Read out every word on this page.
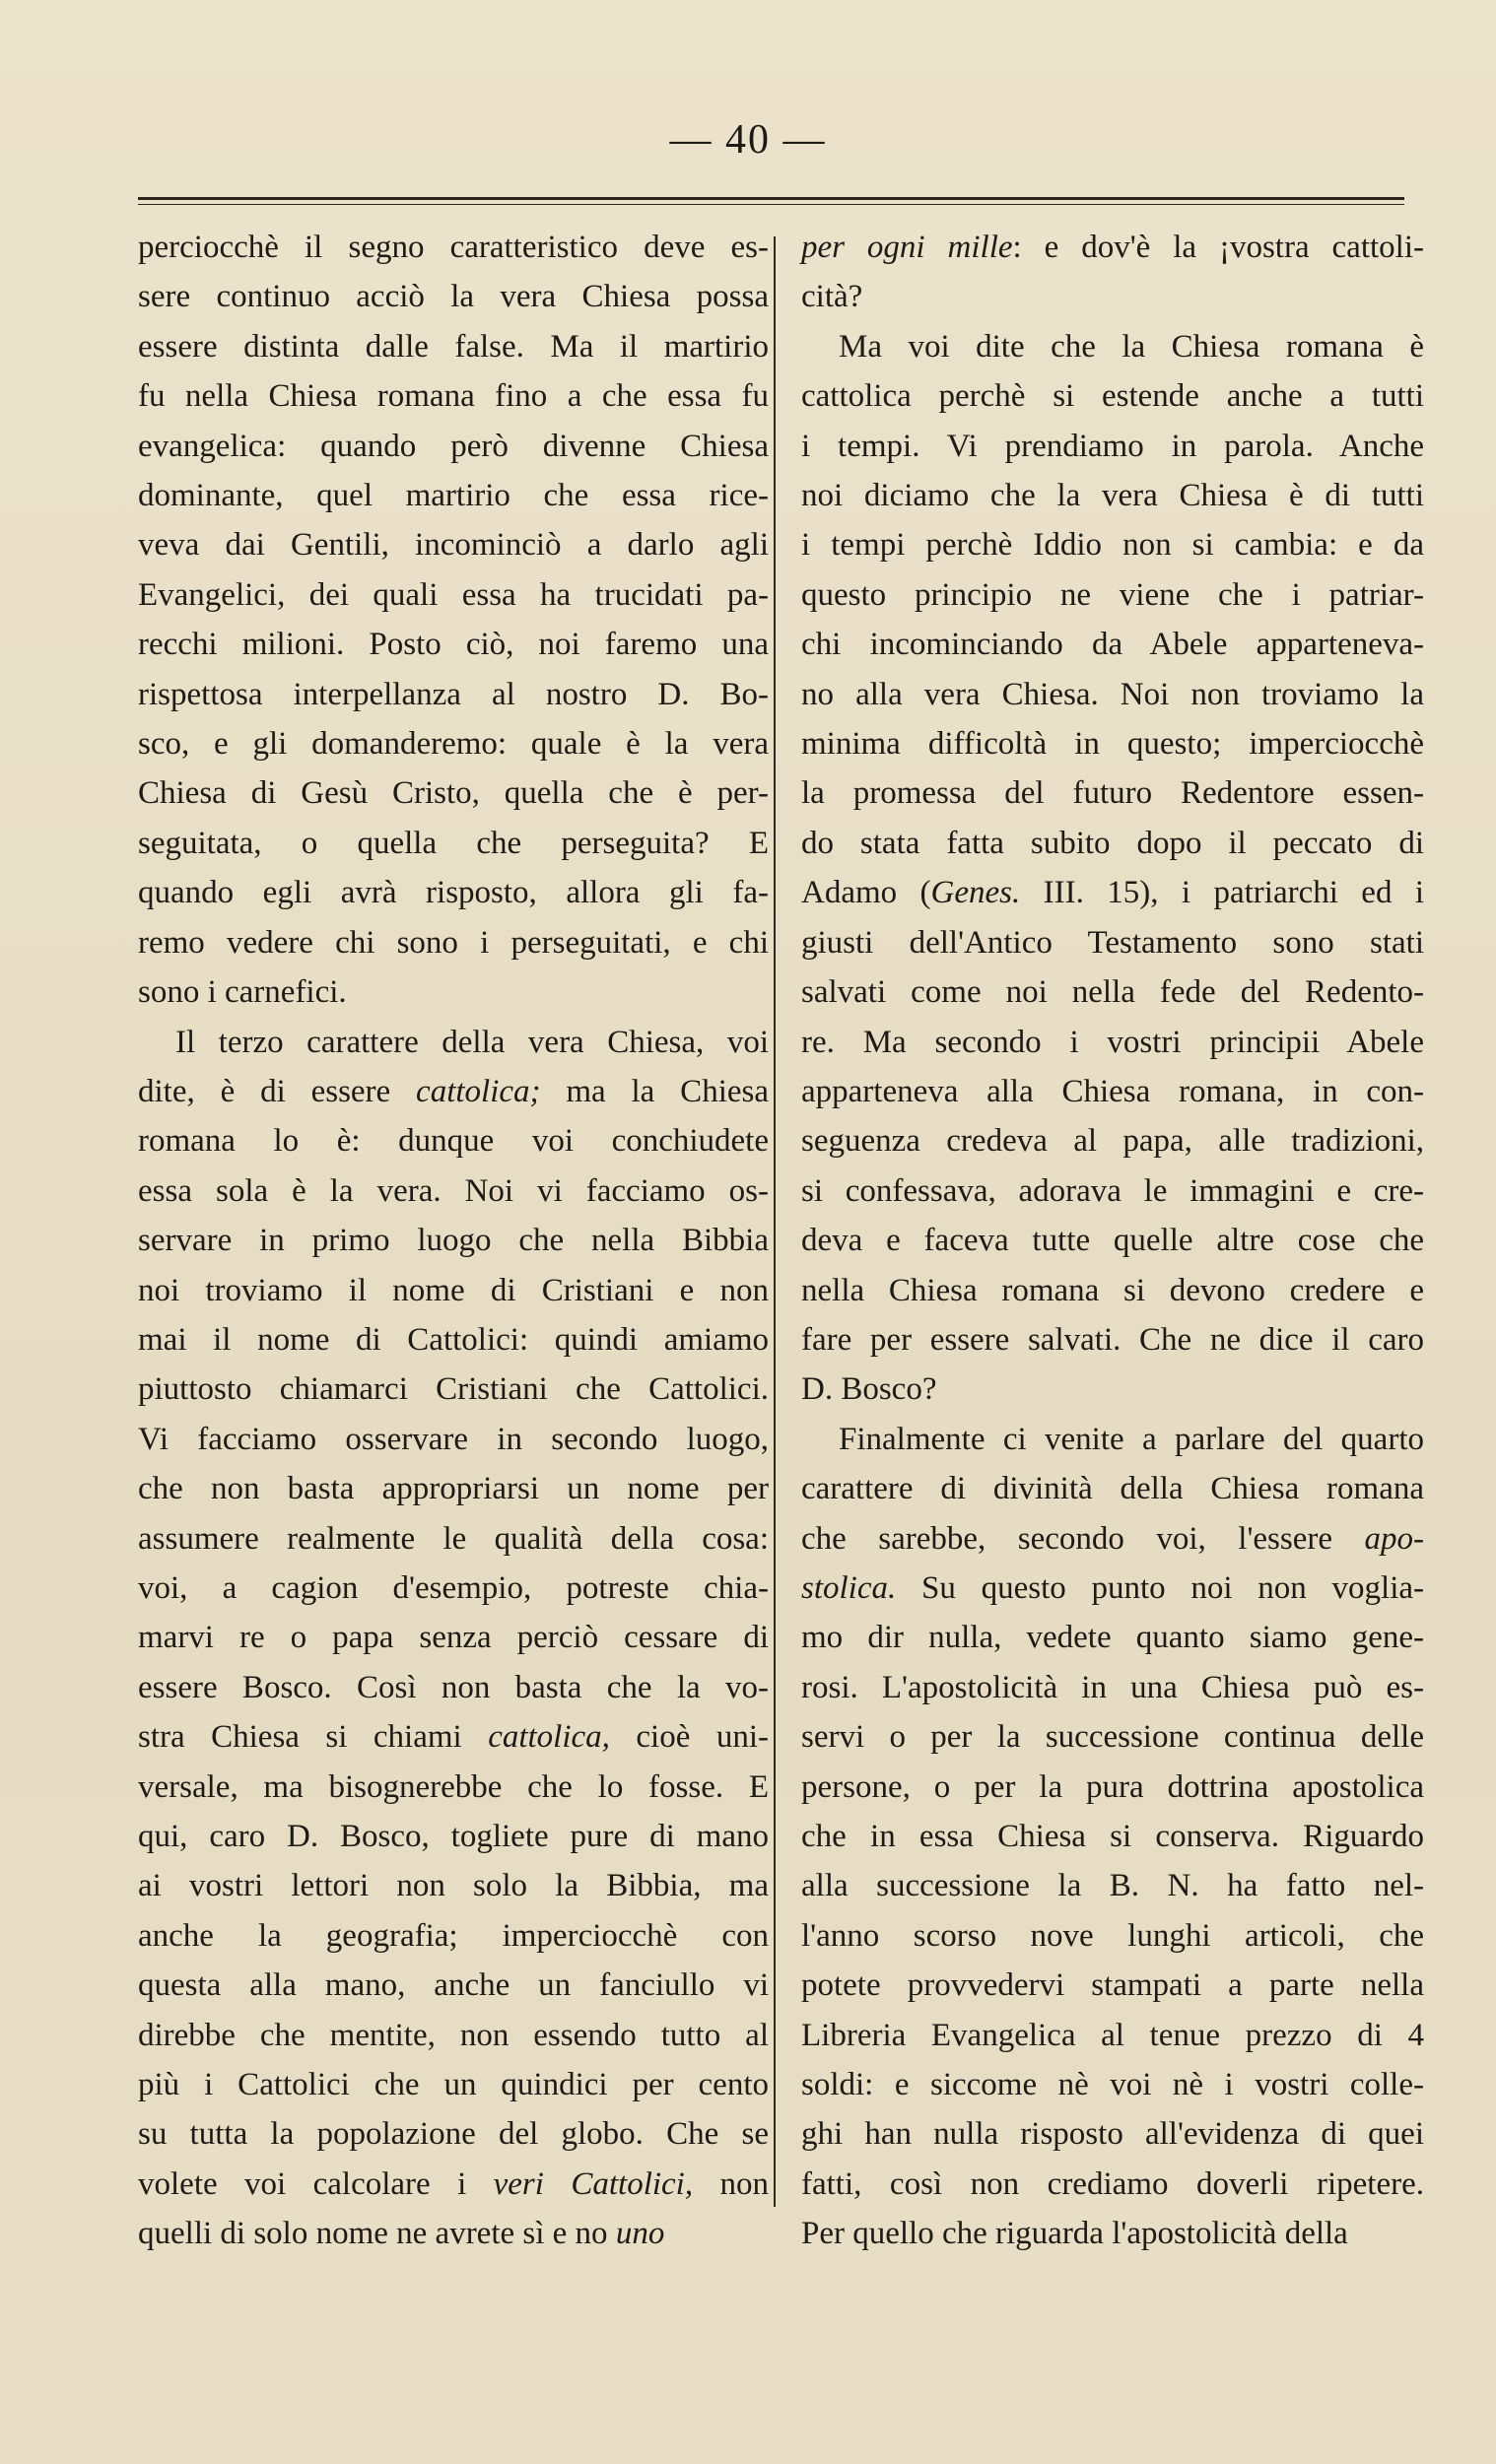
— 40 —
perciocchè il segno caratteristico deve es-
sere continuo acciò la vera Chiesa possa
essere distinta dalle false. Ma il martirio
fu nella Chiesa romana fino a che essa fu
evangelica: quando però divenne Chiesa
dominante, quel martirio che essa rice-
veva dai Gentili, incominciò a darlo agli
Evangelici, dei quali essa ha trucidati pa-
recchi milioni. Posto ciò, noi faremo una
rispettosa interpellanza al nostro D. Bo-
sco, e gli domanderemo: quale è la vera
Chiesa di Gesù Cristo, quella che è per-
seguitata, o quella che perseguita? E
quando egli avrà risposto, allora gli fa-
remo vedere chi sono i perseguitati, e chi
sono i carnefici.
Il terzo carattere della vera Chiesa, voi
dite, è di essere cattolica; ma la Chiesa
romana lo è: dunque voi conchiudete
essa sola è la vera. Noi vi facciamo os-
servare in primo luogo che nella Bibbia
noi troviamo il nome di Cristiani e non
mai il nome di Cattolici: quindi amiamo
piuttosto chiamarci Cristiani che Cattolici.
Vi facciamo osservare in secondo luogo,
che non basta appropriarsi un nome per
assumere realmente le qualità della cosa:
voi, a cagion d'esempio, potreste chia-
marvi re o papa senza perciò cessare di
essere Bosco. Così non basta che la vo-
stra Chiesa si chiami cattolica, cioè uni-
versale, ma bisognerebbe che lo fosse. E
qui, caro D. Bosco, togliete pure di mano
ai vostri lettori non solo la Bibbia, ma
anche la geografia; imperciocchè con
questa alla mano, anche un fanciullo vi
direbbe che mentite, non essendo tutto al
più i Cattolici che un quindici per cento
su tutta la popolazione del globo. Che se
volete voi calcolare i veri Cattolici, non
quelli di solo nome ne avrete sì e no uno
per ogni mille: e dov'è la ¡vostra cattoli-
cità?
Ma voi dite che la Chiesa romana è
cattolica perchè si estende anche a tutti
i tempi. Vi prendiamo in parola. Anche
noi diciamo che la vera Chiesa è di tutti
i tempi perchè Iddio non si cambia: e da
questo principio ne viene che i patriar-
chi incominciando da Abele apparteneva-
no alla vera Chiesa. Noi non troviamo la
minima difficoltà in questo; imperciocchè
la promessa del futuro Redentore essen-
do stata fatta subito dopo il peccato di
Adamo (Genes. III. 15), i patriarchi ed i
giusti dell'Antico Testamento sono stati
salvati come noi nella fede del Redento-
re. Ma secondo i vostri principii Abele
apparteneva alla Chiesa romana, in con-
seguenza credeva al papa, alle tradizioni,
si confessava, adorava le immagini e cre-
deva e faceva tutte quelle altre cose che
nella Chiesa romana si devono credere e
fare per essere salvati. Che ne dice il caro
D. Bosco?
Finalmente ci venite a parlare del quarto
carattere di divinità della Chiesa romana
che sarebbe, secondo voi, l'essere apo-
stolica. Su questo punto noi non voglia-
mo dir nulla, vedete quanto siamo gene-
rosi. L'apostolicità in una Chiesa può es-
servi o per la successione continua delle
persone, o per la pura dottrina apostolica
che in essa Chiesa si conserva. Riguardo
alla successione la B. N. ha fatto nel-
l'anno scorso nove lunghi articoli, che
potete provvedervi stampati a parte nella
Libreria Evangelica al tenue prezzo di 4
soldi: e siccome nè voi nè i vostri colle-
ghi han nulla risposto all'evidenza di quei
fatti, così non crediamo doverli ripetere.
Per quello che riguarda l'apostolicità della
